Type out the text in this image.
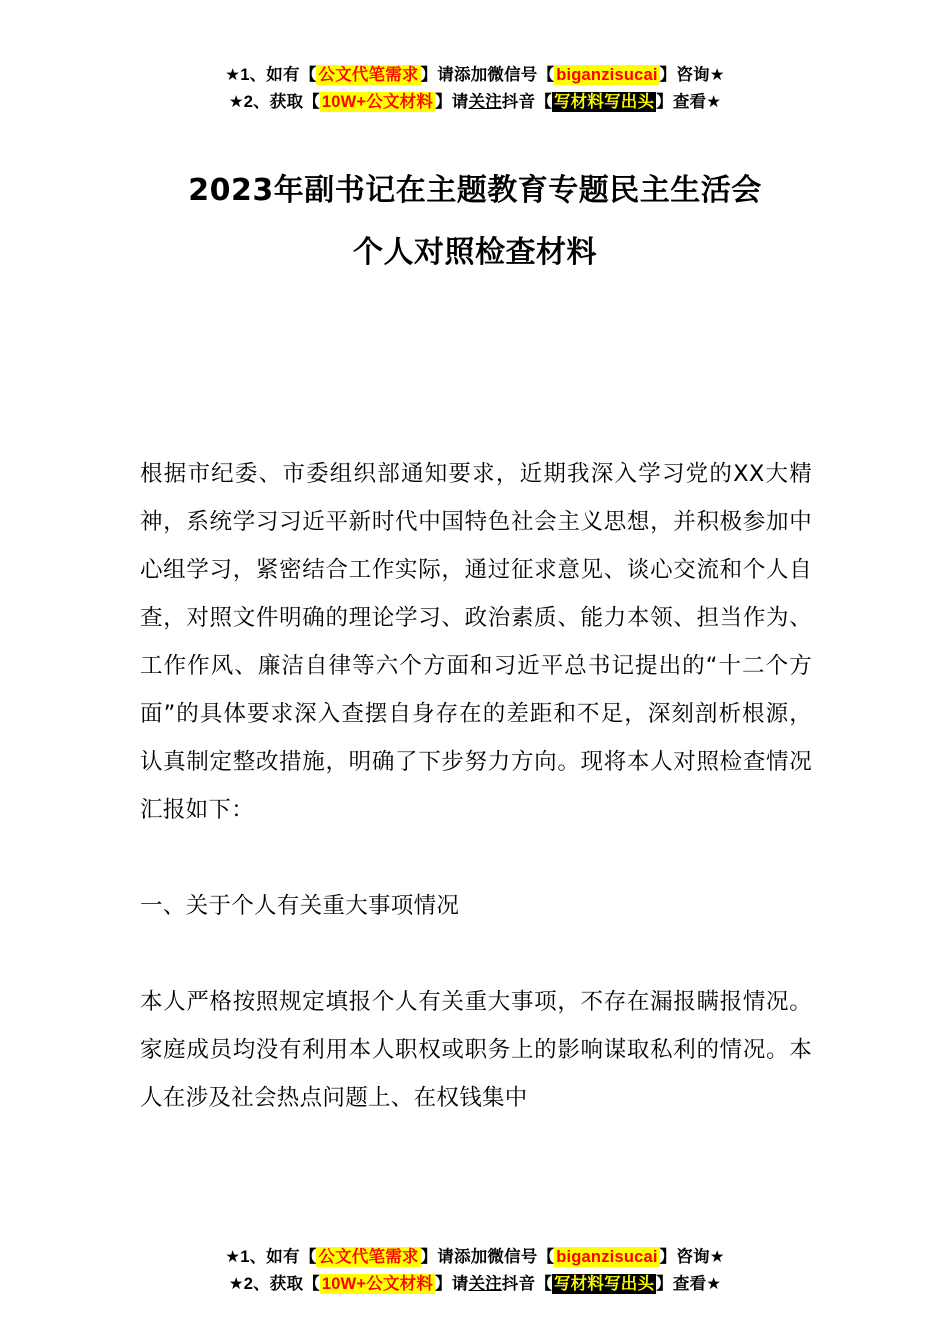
★1、如有【 公文代笔需求 】请添加微信号【 biganzisucai 】咨询★
★2、获取【 10W+公文材料 】请关注抖音【 写材料写出头 】查看★
2023年副书记在主题教育专题民主生活会
个人对照检查材料

根据市纪委、市委组织部通知要求，近期我深入学习党的XX大精神，系统学习习近平新时代中国特色社会主义思想，并积极参加中心组学习，紧密结合工作实际，通过征求意见、谈心交流和个人自查，对照文件明确的理论学习、政治素质、能力本领、担当作为、工作作风、廉洁自律等六个方面和习近平总书记提出的“十二个方面”的具体要求深入查摆自身存在的差距和不足，深刻剖析根源，认真制定整改措施，明确了下步努力方向。现将本人对照检查情况汇报如下：

一、关于个人有关重大事项情况

本人严格按照规定填报个人有关重大事项，不存在漏报瞒报情况。家庭成员均没有利用本人职权或职务上的影响谋取私利的情况。本人在涉及社会热点问题上、在权钱集中

★1、如有【 公文代笔需求 】请添加微信号【 biganzisucai 】咨询★
★2、获取【 10W+公文材料 】请关注抖音【 写材料写出头 】查看★
